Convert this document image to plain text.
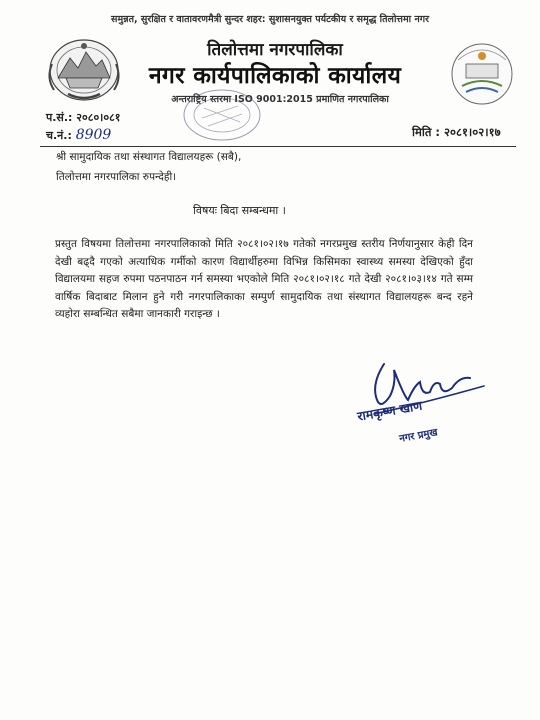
समुन्नत, सुरक्षित र वातावरणमैत्री सुन्दर शहर: सुशासनयुक्त पर्यटकीय र समृद्ध तिलोत्तमा नगर
तिलोत्तमा नगरपालिका
नगर कार्यपालिकाको कार्यालय
अन्तराष्ट्रिय स्तरमा ISO 9001:2015 प्रमाणित नगरपालिका
प.सं.: २०८०।०८१
च.नं.: 8909	मिति : २०८१।०२।१७
श्री सामुदायिक तथा संस्थागत विद्यालयहरू (सबै),
तिलोत्तमा नगरपालिका रुपन्देही।
विषयः बिदा सम्बन्धमा ।
प्रस्तुत विषयमा तिलोत्तमा नगरपालिकाको मिति २०८१।०२।१७ गतेको नगरप्रमुख स्तरीय निर्णयानुसार केही दिन देखी बढ्दै गएको अत्याधिक गर्मीको कारण विद्यार्थीहरुमा विभिन्न किसिमका स्वास्थ्य समस्या देखिएको हुँदा विद्यालयमा सहज रुपमा पठनपाठन गर्न समस्या भएकोले मिति २०८१।०२।१८ गते देखी २०८१।०३।१४ गते सम्म वार्षिक बिदाबाट मिलान हुने गरी नगरपालिकाका सम्पुर्ण सामुदायिक तथा संस्थागत विद्यालयहरू बन्द रहने व्यहोरा सम्बन्धित सबैमा जानकारी गराइन्छ ।
रामकृष्ण खाण
नगर प्रमुख
